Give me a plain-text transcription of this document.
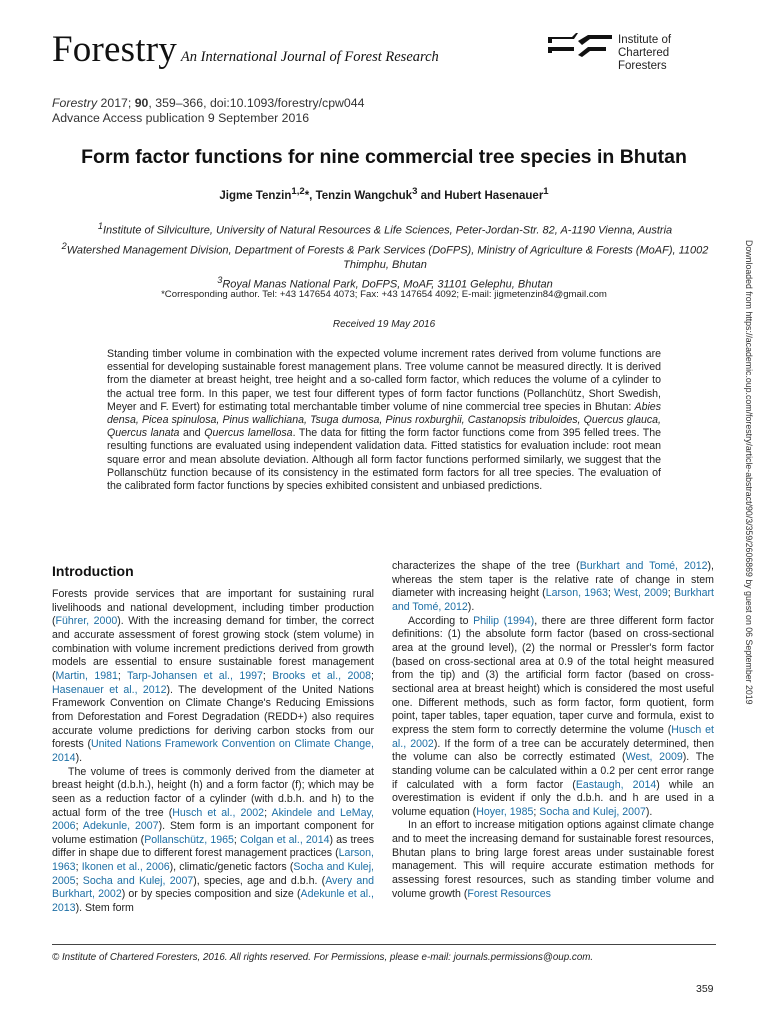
Forestry An International Journal of Forest Research
Institute of
Chartered Foresters
Forestry 2017; 90, 359–366, doi:10.1093/forestry/cpw044
Advance Access publication 9 September 2016
Form factor functions for nine commercial tree species in Bhutan
Jigme Tenzin$^{1,2}$*, Tenzin Wangchuk$^3$ and Hubert Hasenauer$^1$
$^1$Institute of Silviculture, University of Natural Resources & Life Sciences, Peter-Jordan-Str. 82, A-1190 Vienna, Austria
$^2$Watershed Management Division, Department of Forests & Park Services (DoFPS), Ministry of Agriculture & Forests (MoAF), 11002 Thimphu, Bhutan
$^3$Royal Manas National Park, DoFPS, MoAF, 31101 Gelephu, Bhutan
*Corresponding author. Tel: +43 147654 4073; Fax: +43 147654 4092; E-mail: jigmetenzin84@gmail.com
Received 19 May 2016
Standing timber volume in combination with the expected volume increment rates derived from volume functions are essential for developing sustainable forest management plans. Tree volume cannot be measured directly. It is derived from the diameter at breast height, tree height and a so-called form factor, which reduces the volume of a cylinder to the actual tree form. In this paper, we test four different types of form factor functions (Pollanchütz, Short Swedish, Meyer and F. Evert) for estimating total merchantable timber volume of nine commercial tree species in Bhutan: Abies densa, Picea spinulosa, Pinus wallichiana, Tsuga dumosa, Pinus roxburghii, Castanopsis tribuloides, Quercus glauca, Quercus lanata and Quercus lamellosa. The data for fitting the form factor functions come from 395 felled trees. The resulting functions are evaluated using independent validation data. Fitted statistics for evaluation include: root mean square error and mean absolute deviation. Although all form factor functions performed similarly, we suggest that the Pollanschütz function because of its consistency in the estimated form factors for all tree species. The evaluation of the calibrated form factor functions by species exhibited consistent and unbiased predictions.
Introduction

Forests provide services that are important for sustaining rural livelihoods and national development, including timber production (Führer, 2000). With the increasing demand for timber, the correct and accurate assessment of forest growing stock (stem volume) in combination with volume increment predictions derived from growth models are essential to ensure sustainable forest management (Martin, 1981; Tarp-Johansen et al., 1997; Brooks et al., 2008; Hasenauer et al., 2012). The development of the United Nations Framework Convention on Climate Change's Reducing Emissions from Deforestation and Forest Degradation (REDD+) also requires accurate volume predictions for deriving carbon stocks from our forests (United Nations Framework Convention on Climate Change, 2014).

The volume of trees is commonly derived from the diameter at breast height (d.b.h.), height (h) and a form factor (f); which may be seen as a reduction factor of a cylinder (with d.b.h. and h) to the actual form of the tree (Husch et al., 2002; Akindele and LeMay, 2006; Adekunle, 2007). Stem form is an important component for volume estimation (Pollanschütz, 1965; Colgan et al., 2014) as trees differ in shape due to different forest management practices (Larson, 1963; Ikonen et al., 2006), climatic/genetic factors (Socha and Kulej, 2005; Socha and Kulej, 2007), species, age and d.b.h. (Avery and Burkhart, 2002) or by species composition and size (Adekunle et al., 2013). Stem form

characterizes the shape of the tree (Burkhart and Tomé, 2012), whereas the stem taper is the relative rate of change in stem diameter with increasing height (Larson, 1963; West, 2009; Burkhart and Tomé, 2012).

According to Philip (1994), there are three different form factor definitions: (1) the absolute form factor (based on cross-sectional area at the ground level), (2) the normal or Pressler's form factor (based on cross-sectional area at 0.9 of the total height measured from the tip) and (3) the artificial form factor (based on cross-sectional area at breast height) which is considered the most useful one. Different methods, such as form factor, form quotient, form point, taper tables, taper equation, taper curve and formula, exist to express the stem form to correctly determine the volume (Husch et al., 2002). If the form of a tree can be accurately determined, then the volume can also be correctly estimated (West, 2009). The standing volume can be calculated within a 0.2 per cent error range if calculated with a form factor (Eastaugh, 2014) while an overestimation is evident if only the d.b.h. and h are used in a volume equation (Hoyer, 1985; Socha and Kulej, 2007).

In an effort to increase mitigation options against climate change and to meet the increasing demand for sustainable forest resources, Bhutan plans to bring large forest areas under sustainable forest management. This will require accurate estimation methods for assessing forest resources, such as standing timber volume and volume growth (Forest Resources

© Institute of Chartered Foresters, 2016. All rights reserved. For Permissions, please e-mail: journals.permissions@oup.com.
359
Downloaded from https://academic.oup.com/forestry/article-abstract/90/3/359/2606869 by guest on 06 September 2019
